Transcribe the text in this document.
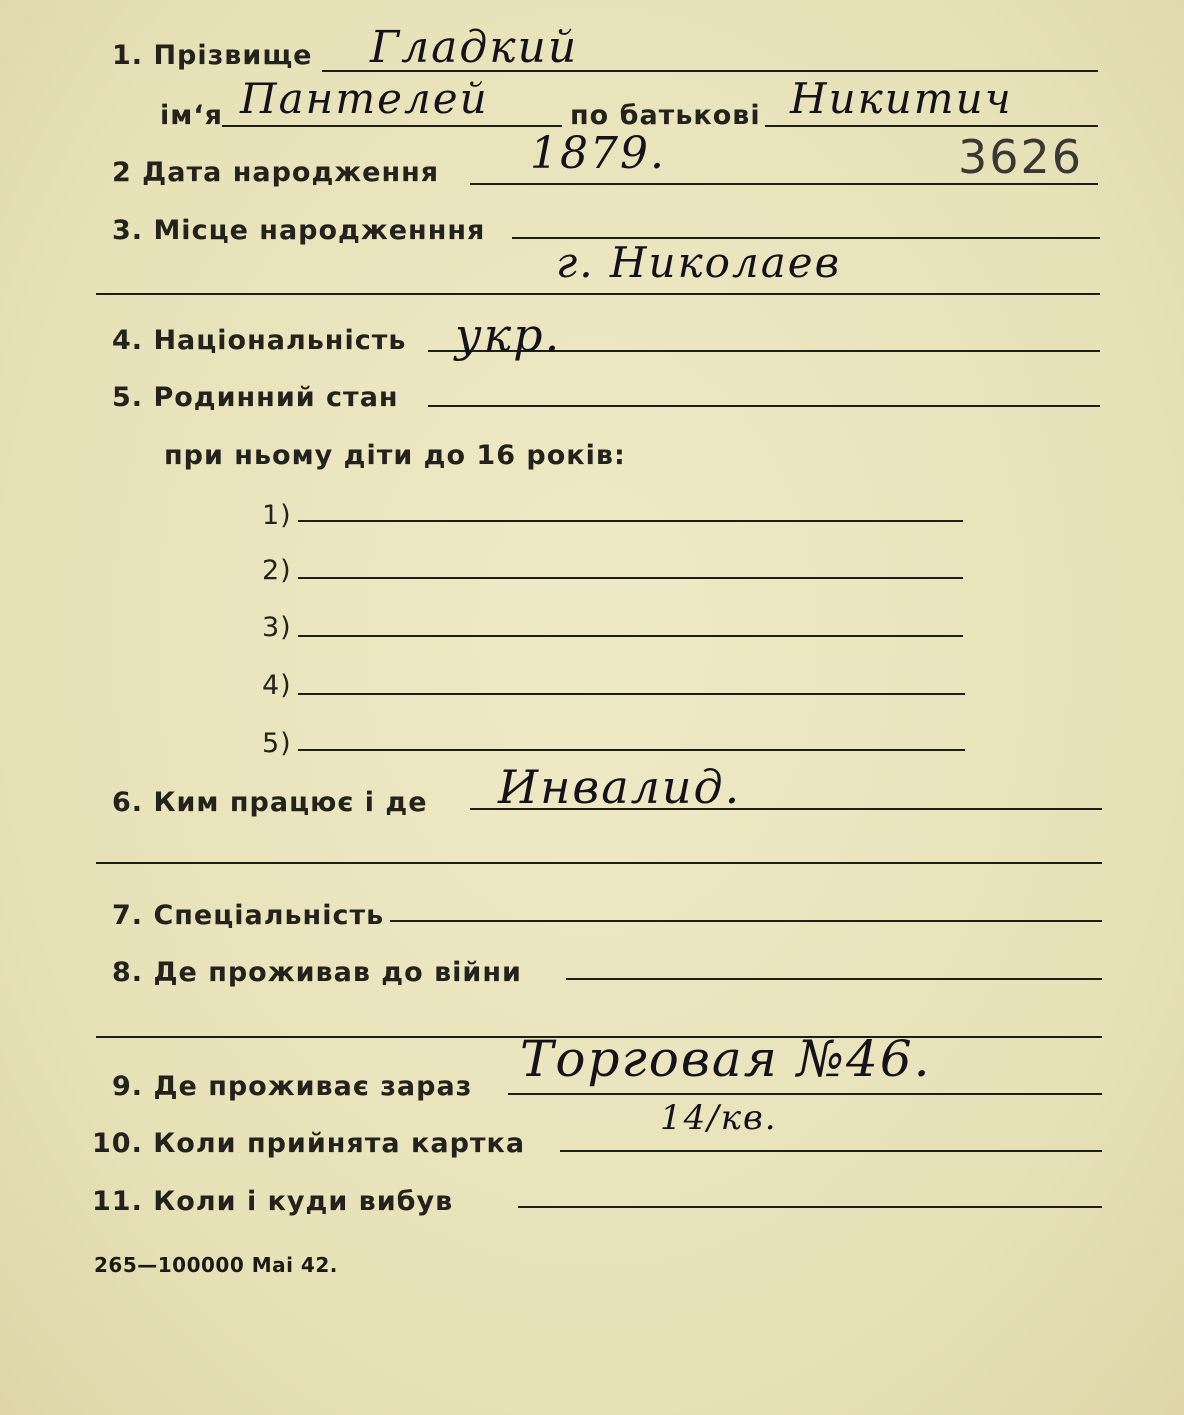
1. Прізвище Гладкий
ім‘я Пантелей	по батькові Никитич
2 Дата народження 1879.	3626
3. Місце народженння
г. Николаев
4. Національність укр.
5. Родинний стан
при ньому діти до 16 років:
1)
2)
3)
4)
5)
6. Ким працює і де Инвалид.
7. Спеціальність
8. Де проживав до війни
9. Де проживає зараз Торговая №46.
14/кв.
10. Коли прийнята картка
11. Коли і куди вибув
265—100000 Mai 42.
